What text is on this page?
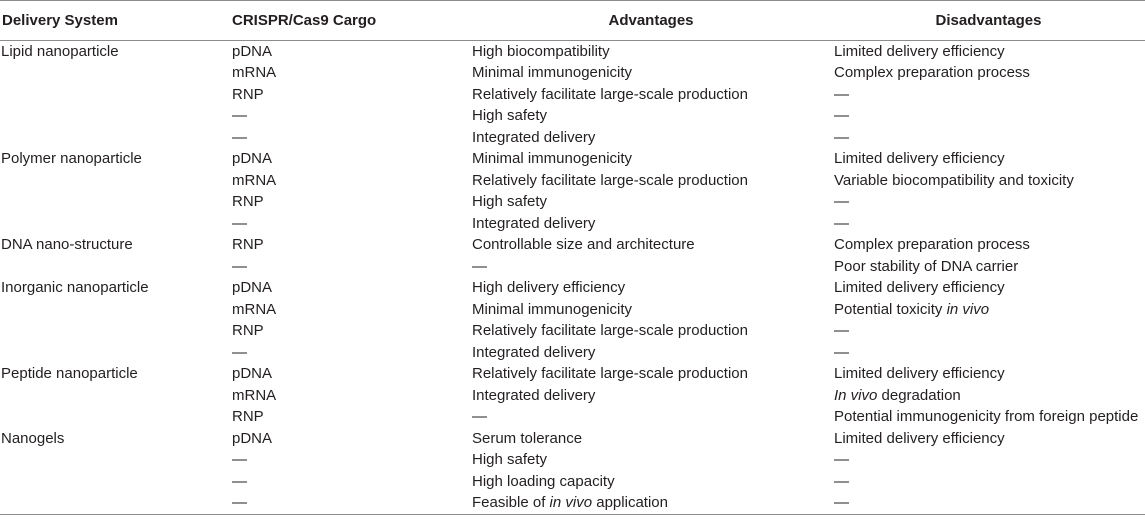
Delivery System	CRISPR/Cas9 Cargo	Advantages	Disadvantages
Lipid nanoparticle	pDNA	High biocompatibility	Limited delivery efficiency
	mRNA	Minimal immunogenicity	Complex preparation process
	RNP	Relatively facilitate large-scale production	—
	—	High safety	—
	—	Integrated delivery	—
Polymer nanoparticle	pDNA	Minimal immunogenicity	Limited delivery efficiency
	mRNA	Relatively facilitate large-scale production	Variable biocompatibility and toxicity
	RNP	High safety	—
	—	Integrated delivery	—
DNA nano-structure	RNP	Controllable size and architecture	Complex preparation process
	—	—	Poor stability of DNA carrier
Inorganic nanoparticle	pDNA	High delivery efficiency	Limited delivery efficiency
	mRNA	Minimal immunogenicity	Potential toxicity in vivo
	RNP	Relatively facilitate large-scale production	—
	—	Integrated delivery	—
Peptide nanoparticle	pDNA	Relatively facilitate large-scale production	Limited delivery efficiency
	mRNA	Integrated delivery	In vivo degradation
	RNP	—	Potential immunogenicity from foreign peptide
Nanogels	pDNA	Serum tolerance	Limited delivery efficiency
	—	High safety	—
	—	High loading capacity	—
	—	Feasible of in vivo application	—
